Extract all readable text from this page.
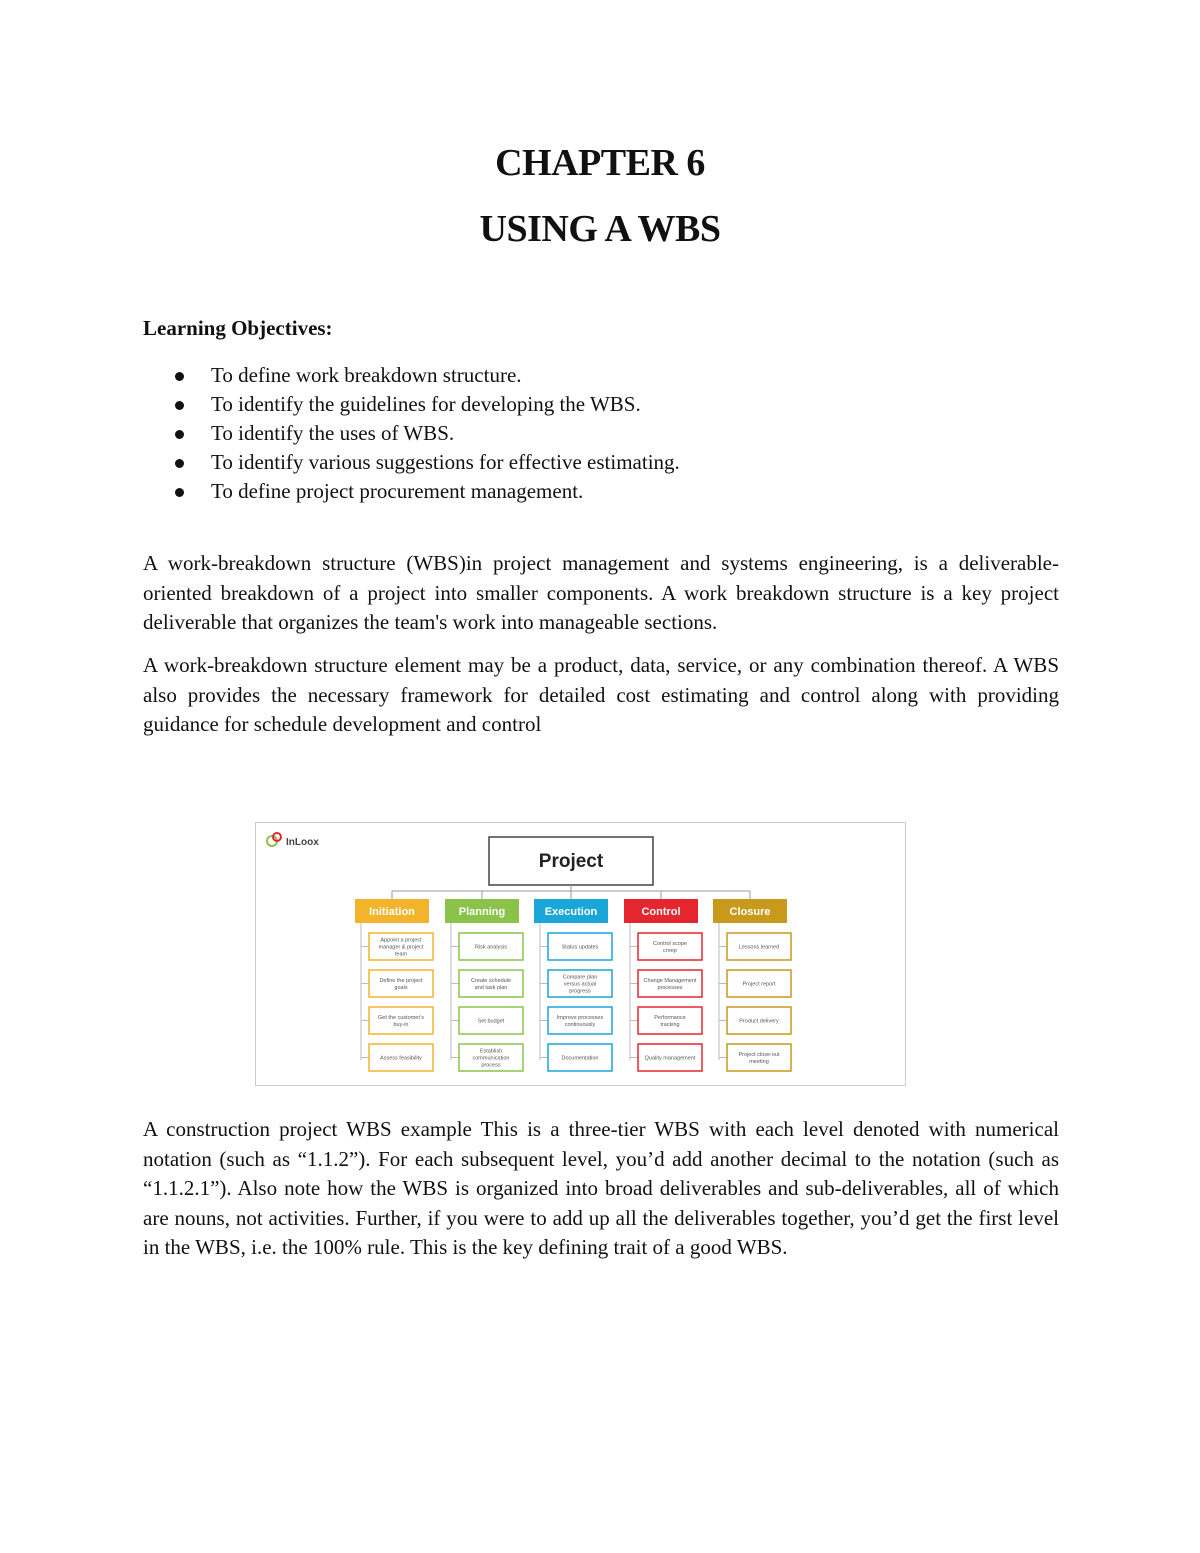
CHAPTER 6
USING A WBS
Learning Objectives:
To define work breakdown structure.
To identify the guidelines for developing the WBS.
To identify the uses of WBS.
To identify various suggestions for effective estimating.
To define project procurement management.

A work-breakdown structure (WBS)in project management and systems engineering, is a deliverable-oriented breakdown of a project into smaller components. A work breakdown structure is a key project deliverable that organizes the team's work into manageable sections.

A work-breakdown structure element may be a product, data, service, or any combination thereof. A WBS also provides the necessary framework for detailed cost estimating and control along with providing guidance for schedule development and control

InLoox
Project
Initiation
Appoint a project
manager & project
team
Define the project
goals
Get the customer's
buy-in
Assess feasibility
Planning
Risk analysis
Create schedule
and task plan
Set budget
Establish
communication
process
Execution
Status updates
Compare plan
versus actual
progress
Improve processes
continuously
Documentation
Control
Control scope
creep
Change Management
processes
Performance
tracking
Quality management
Closure
Lessons learned
Project report
Product delivery
Project close-out
meeting

A construction project WBS example This is a three-tier WBS with each level denoted with numerical notation (such as “1.1.2”). For each subsequent level, you’d add another decimal to the notation (such as “1.1.2.1”). Also note how the WBS is organized into broad deliverables and sub-deliverables, all of which are nouns, not activities. Further, if you were to add up all the deliverables together, you’d get the first level in the WBS, i.e. the 100% rule. This is the key defining trait of a good WBS.
